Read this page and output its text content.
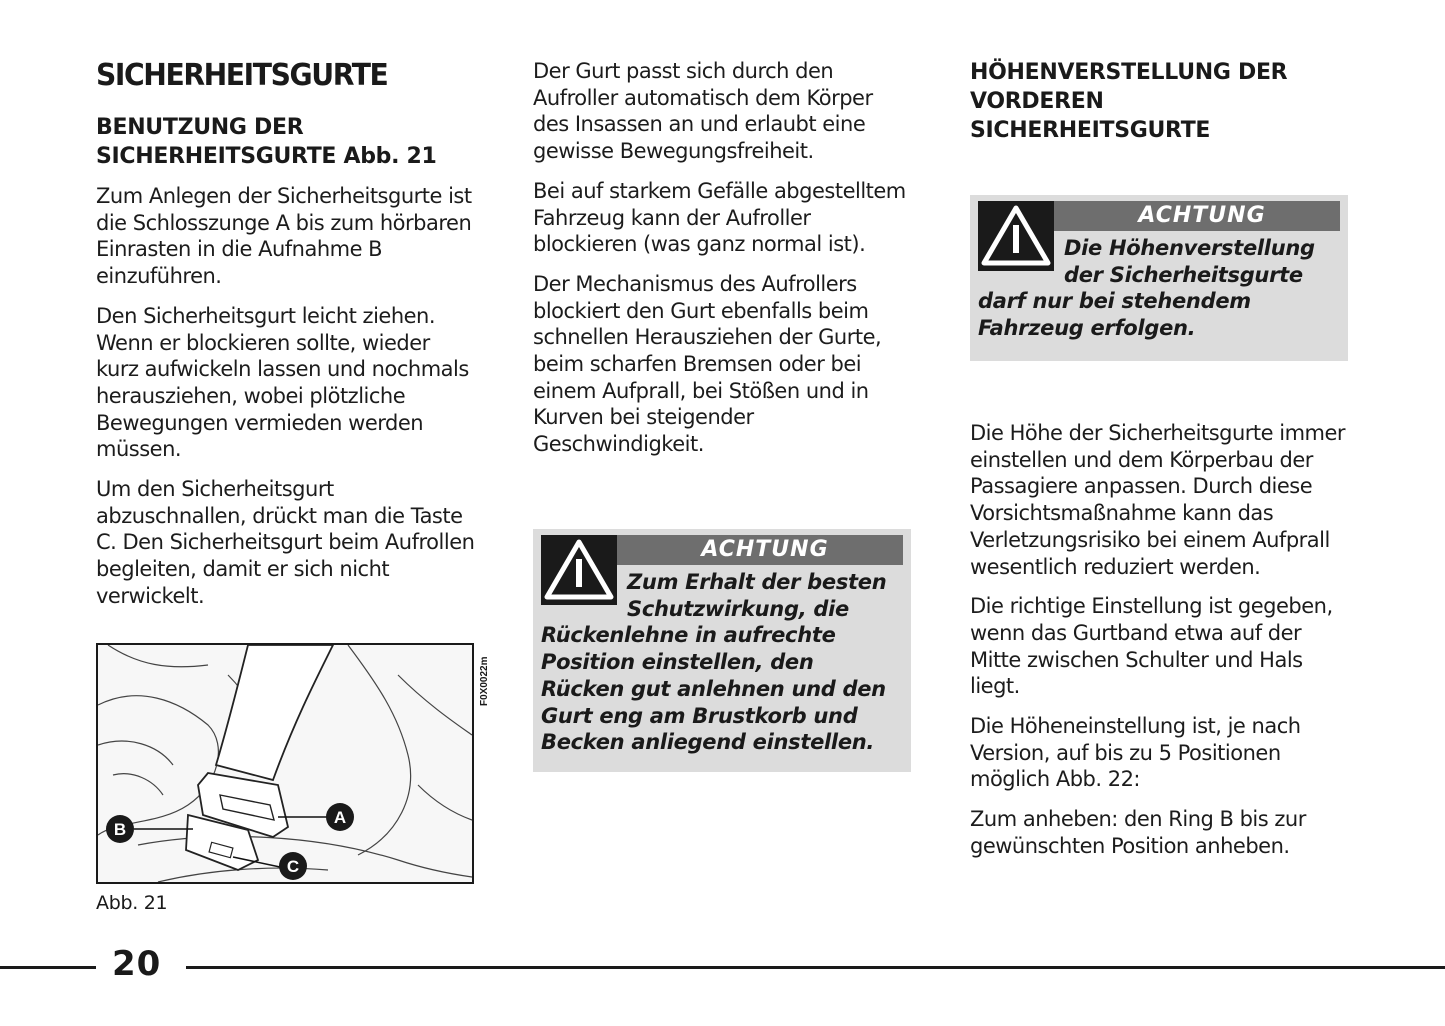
SICHERHEITSGURTE
BENUTZUNG DER
SICHERHEITSGURTE Abb. 21

Zum Anlegen der Sicherheitsgurte ist die Schlosszunge A bis zum hörbaren Einrasten in die Aufnahme B einzuführen.

Den Sicherheitsgurt leicht ziehen. Wenn er blockieren sollte, wieder kurz aufwickeln lassen und nochmals herausziehen, wobei plötzliche Bewegungen vermieden werden müssen.

Um den Sicherheitsgurt abzuschnallen, drückt man die Taste C. Den Sicherheitsgurt beim Aufrollen begleiten, damit er sich nicht verwickelt.

A
B
C
F0X0022m
Abb. 21

Der Gurt passt sich durch den Aufroller automatisch dem Körper des Insassen an und erlaubt eine gewisse Bewegungsfreiheit.

Bei auf starkem Gefälle abgestelltem Fahrzeug kann der Aufroller blockieren (was ganz normal ist).

Der Mechanismus des Aufrollers blockiert den Gurt ebenfalls beim schnellen Herausziehen der Gurte, beim scharfen Bremsen oder bei einem Aufprall, bei Stößen und in Kurven bei steigender Geschwindigkeit.

ACHTUNG
Zum Erhalt der besten Schutzwirkung, die Rückenlehne in aufrechte Position einstellen, den Rücken gut anlehnen und den Gurt eng am Brustkorb und Becken anliegend einstellen.
HÖHENVERSTELLUNG DER
VORDEREN
SICHERHEITSGURTE
ACHTUNG
Die Höhenverstellung der Sicherheitsgurte darf nur bei stehendem Fahrzeug erfolgen.

Die Höhe der Sicherheitsgurte immer einstellen und dem Körperbau der Passagiere anpassen. Durch diese Vorsichtsmaßnahme kann das Verletzungsrisiko bei einem Aufprall wesentlich reduziert werden.

Die richtige Einstellung ist gegeben, wenn das Gurtband etwa auf der Mitte zwischen Schulter und Hals liegt.

Die Höheneinstellung ist, je nach Version, auf bis zu 5 Positionen möglich Abb. 22:

Zum anheben: den Ring B bis zur gewünschten Position anheben.

20
